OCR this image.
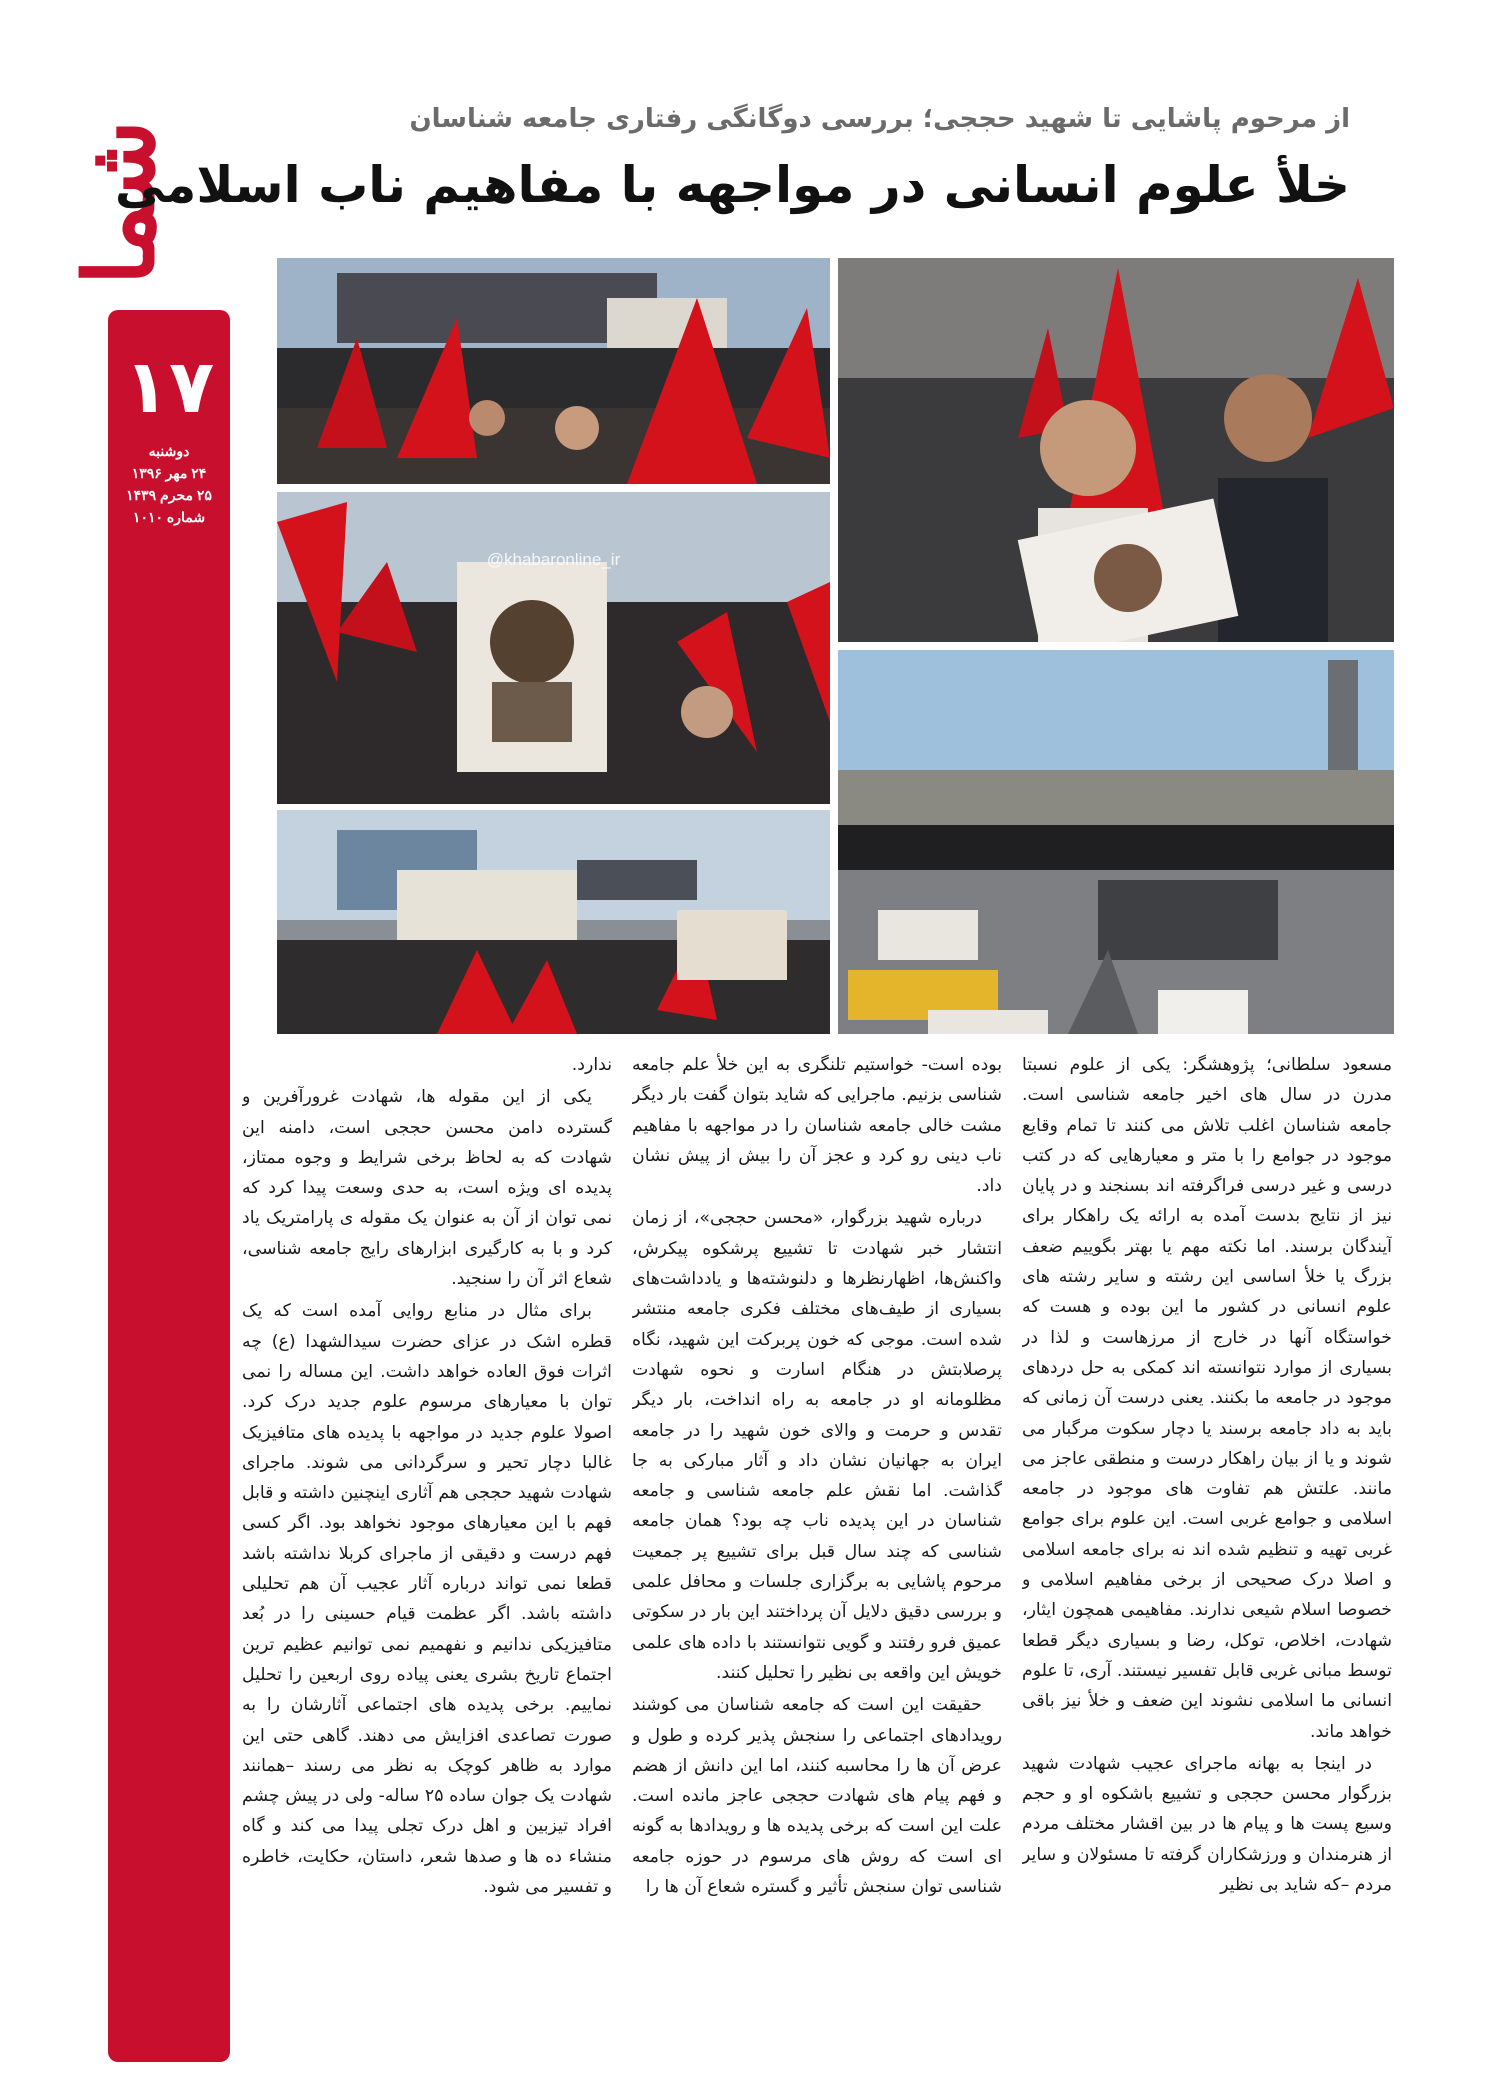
شما
۱۷
دوشنبه
۲۴ مهر ۱۳۹۶
۲۵ محرم ۱۴۳۹
شماره ۱۰۱۰
از مرحوم پاشایی تا شهید حججی؛ بررسی دوگانگی رفتاری جامعه شناسان
خلأ علوم انسانی در مواجهه با مفاهیم ناب اسلامی
@khabaronline_ir

مسعود سلطانی؛ پژوهشگر: یکی از علوم نسبتا مدرن در سال های اخیر جامعه شناسی است. جامعه شناسان اغلب تلاش می کنند تا تمام وقایع موجود در جوامع را با متر و معیارهایی که در کتب درسی و غیر درسی فراگرفته اند بسنجند و در پایان نیز از نتایج بدست آمده به ارائه یک راهکار برای آیندگان برسند. اما نکته مهم یا بهتر بگوییم ضعف بزرگ یا خلأ اساسی این رشته و سایر رشته های علوم انسانی در کشور ما این بوده و هست که خواستگاه آنها در خارج از مرزهاست و لذا در بسیاری از موارد نتوانسته اند کمکی به حل دردهای موجود در جامعه ما بکنند. یعنی درست آن زمانی که باید به داد جامعه برسند یا دچار سکوت مرگبار می شوند و یا از بیان راهکار درست و منطقی عاجز می مانند. علتش هم تفاوت های موجود در جامعه اسلامی و جوامع غربی است. این علوم برای جوامع غربی تهیه و تنظیم شده اند نه برای جامعه اسلامی و اصلا درک صحیحی از برخی مفاهیم اسلامی و خصوصا اسلام شیعی ندارند. مفاهیمی همچون ایثار، شهادت، اخلاص، توکل، رضا و بسیاری دیگر قطعا توسط مبانی غربی قابل تفسیر نیستند. آری، تا علوم انسانی ما اسلامی نشوند این ضعف و خلأ نیز باقی خواهد ماند.

در اینجا به بهانه ماجرای عجیب شهادت شهید بزرگوار محسن حججی و تشییع باشکوه او و حجم وسیع پست ها و پیام ها در بین اقشار مختلف مردم از هنرمندان و ورزشکاران گرفته تا مسئولان و سایر مردم –که شاید بی نظیر

بوده است- خواستیم تلنگری به این خلأ علم جامعه شناسی بزنیم. ماجرایی که شاید بتوان گفت بار دیگر مشت خالی جامعه شناسان را در مواجهه با مفاهیم ناب دینی رو کرد و عجز آن را بیش از پیش نشان داد.

درباره شهید بزرگوار، «محسن حججی»، از زمان انتشار خبر شهادت تا تشییع پرشکوه پیکرش، واکنش‌ها، اظهارنظرها و دلنوشته‌ها و یادداشت‌های بسیاری از طیف‌های مختلف فکری جامعه منتشر شده است. موجی که خون پربرکت این شهید، نگاه پرصلابتش در هنگام اسارت و نحوه شهادت مظلومانه او در جامعه به راه انداخت، بار دیگر تقدس و حرمت و والای خون شهید را در جامعه ایران به جهانیان نشان داد و آثار مبارکی به جا گذاشت. اما نقش علم جامعه شناسی و جامعه شناسان در این پدیده ناب چه بود؟ همان جامعه شناسی که چند سال قبل برای تشییع پر جمعیت مرحوم پاشایی به برگزاری جلسات و محافل علمی و بررسی دقیق دلایل آن پرداختند این بار در سکوتی عمیق فرو رفتند و گویی نتوانستند با داده های علمی خویش این واقعه بی نظیر را تحلیل کنند.

حقیقت این است که جامعه شناسان می کوشند رویدادهای اجتماعی را سنجش پذیر کرده و طول و عرض آن ها را محاسبه کنند، اما این دانش از هضم و فهم پیام های شهادت حججی عاجز مانده است. علت این است که برخی پدیده ها و رویدادها به گونه ای است که روش های مرسوم در حوزه جامعه شناسی توان سنجش تأثیر و گستره شعاع آن ها را

ندارد.

یکی از این مقوله ها، شهادت غرورآفرین و گسترده دامن محسن حججی است، دامنه این شهادت که به لحاظ برخی شرایط و وجوه ممتاز، پدیده ای ویژه است، به حدی وسعت پیدا کرد که نمی توان از آن به عنوان یک مقوله ی پارامتریک یاد کرد و با به کارگیری ابزارهای رایج جامعه شناسی، شعاع اثر آن را سنجید.

برای مثال در منابع روایی آمده است که یک قطره اشک در عزای حضرت سیدالشهدا (ع) چه اثرات فوق العاده خواهد داشت. این مساله را نمی توان با معیارهای مرسوم علوم جدید درک کرد. اصولا علوم جدید در مواجهه با پدیده های متافیزیک غالبا دچار تحیر و سرگردانی می شوند. ماجرای شهادت شهید حججی هم آثاری اینچنین داشته و قابل فهم با این معیارهای موجود نخواهد بود. اگر کسی فهم درست و دقیقی از ماجرای کربلا نداشته باشد قطعا نمی تواند درباره آثار عجیب آن هم تحلیلی داشته باشد. اگر عظمت قیام حسینی را در بُعد متافیزیکی ندانیم و نفهمیم نمی توانیم عظیم ترین اجتماع تاریخ بشری یعنی پیاده روی اربعین را تحلیل نماییم. برخی پدیده های اجتماعی آثارشان را به صورت تصاعدی افزایش می دهند. گاهی حتی این موارد به ظاهر کوچک به نظر می رسند –همانند شهادت یک جوان ساده ۲۵ ساله- ولی در پیش چشم افراد تیزبین و اهل درک تجلی پیدا می کند و گاه منشاء ده ها و صدها شعر، داستان، حکایت، خاطره و تفسیر می شود.
